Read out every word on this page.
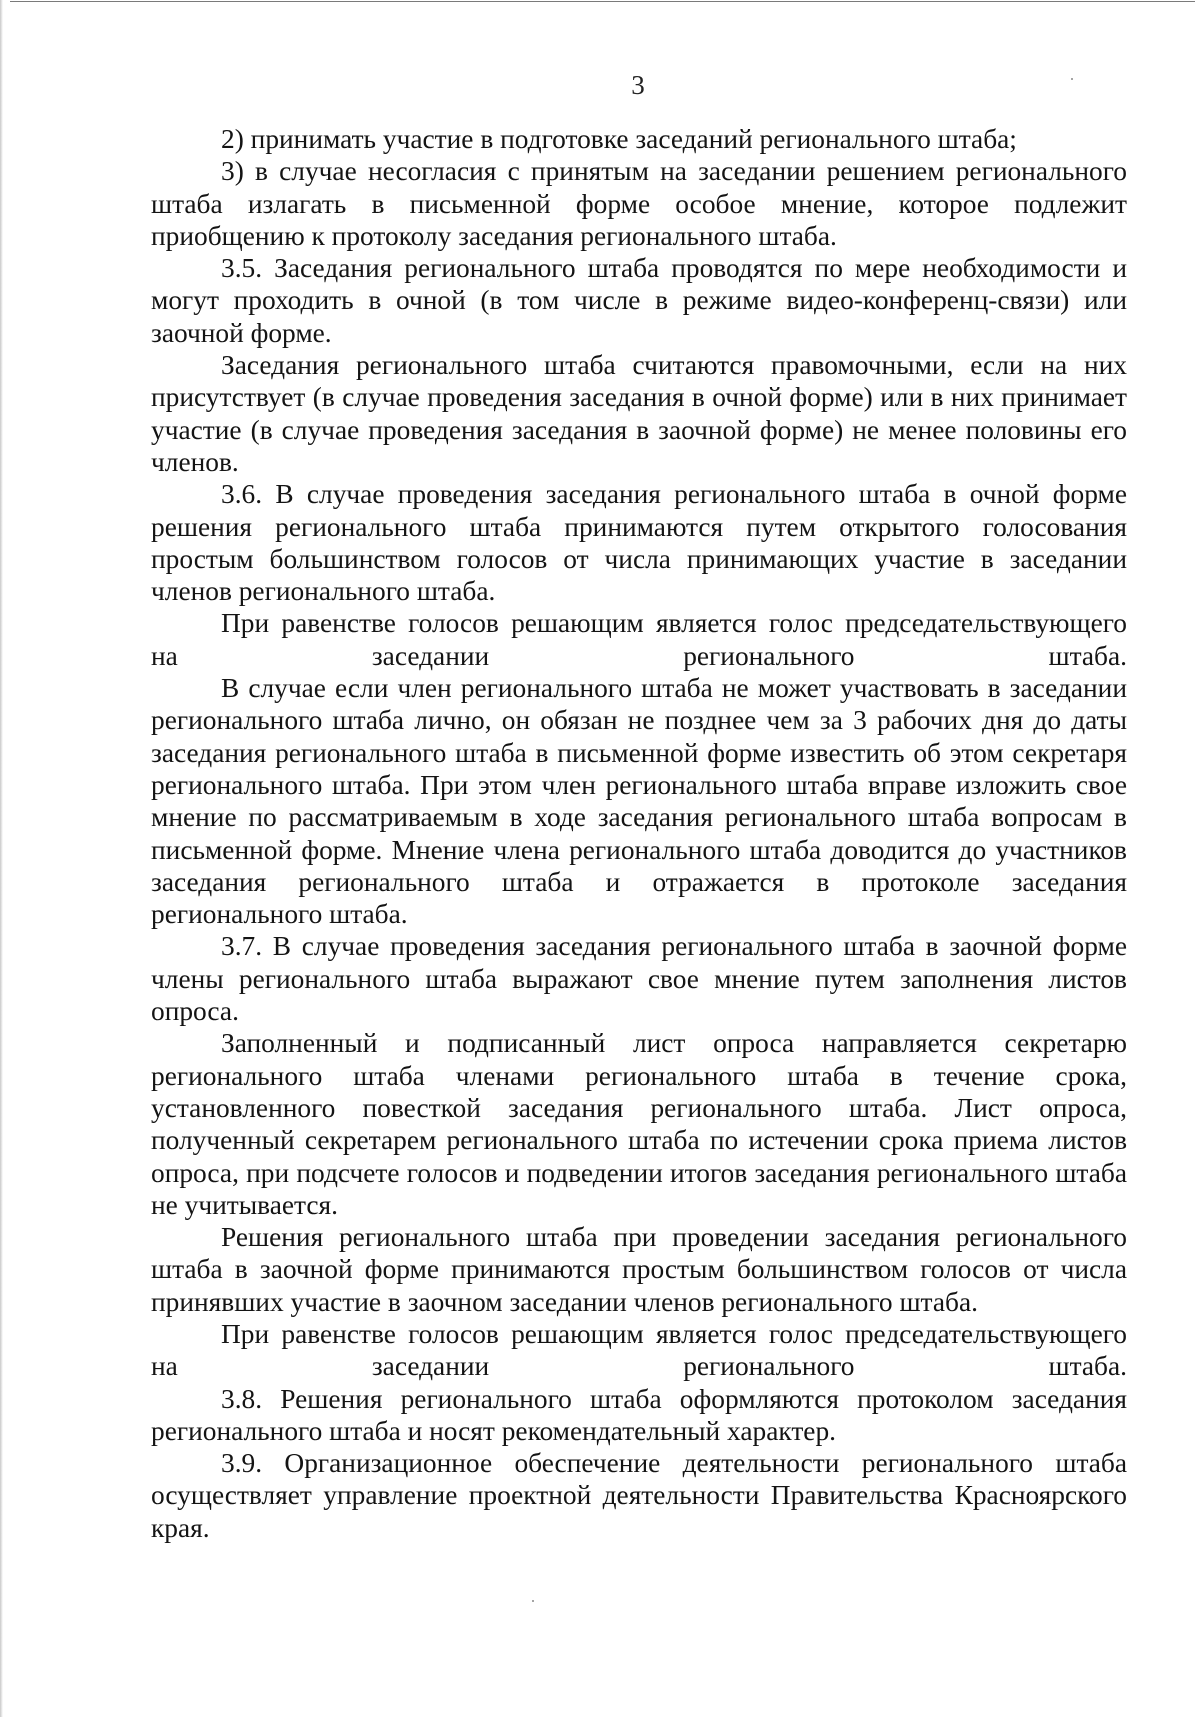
3

2) принимать участие в подготовке заседаний регионального штаба;

3) в случае несогласия с принятым на заседании решением регионального штаба излагать в письменной форме особое мнение, которое подлежит приобщению к протоколу заседания регионального штаба.

3.5. Заседания регионального штаба проводятся по мере необходимости и могут проходить в очной (в том числе в режиме видео-конференц-связи) или заочной форме.

Заседания регионального штаба считаются правомочными, если на них присутствует (в случае проведения заседания в очной форме) или в них принимает участие (в случае проведения заседания в заочной форме) не менее половины его членов.

3.6. В случае проведения заседания регионального штаба в очной форме решения регионального штаба принимаются путем открытого голосования простым большинством голосов от числа принимающих участие в заседании членов регионального штаба.

При равенстве голосов решающим является голос председательствующего на заседании регионального штаба.

В случае если член регионального штаба не может участвовать в заседании регионального штаба лично, он обязан не позднее чем за 3 рабочих дня до даты заседания регионального штаба в письменной форме известить об этом секретаря регионального штаба. При этом член регионального штаба вправе изложить свое мнение по рассматриваемым в ходе заседания регионального штаба вопросам в письменной форме. Мнение члена регионального штаба доводится до участников заседания регионального штаба и отражается в протоколе заседания регионального штаба.

3.7. В случае проведения заседания регионального штаба в заочной форме члены регионального штаба выражают свое мнение путем заполнения листов опроса.

Заполненный и подписанный лист опроса направляется секретарю регионального штаба членами регионального штаба в течение срока, установленного повесткой заседания регионального штаба. Лист опроса, полученный секретарем регионального штаба по истечении срока приема листов опроса, при подсчете голосов и подведении итогов заседания регионального штаба не учитывается.

Решения регионального штаба при проведении заседания регионального штаба в заочной форме принимаются простым большинством голосов от числа принявших участие в заочном заседании членов регионального штаба.

При равенстве голосов решающим является голос председательствующего на заседании регионального штаба.

3.8. Решения регионального штаба оформляются протоколом заседания регионального штаба и носят рекомендательный характер.

3.9. Организационное обеспечение деятельности регионального штаба осуществляет управление проектной деятельности Правительства Красноярского края.
